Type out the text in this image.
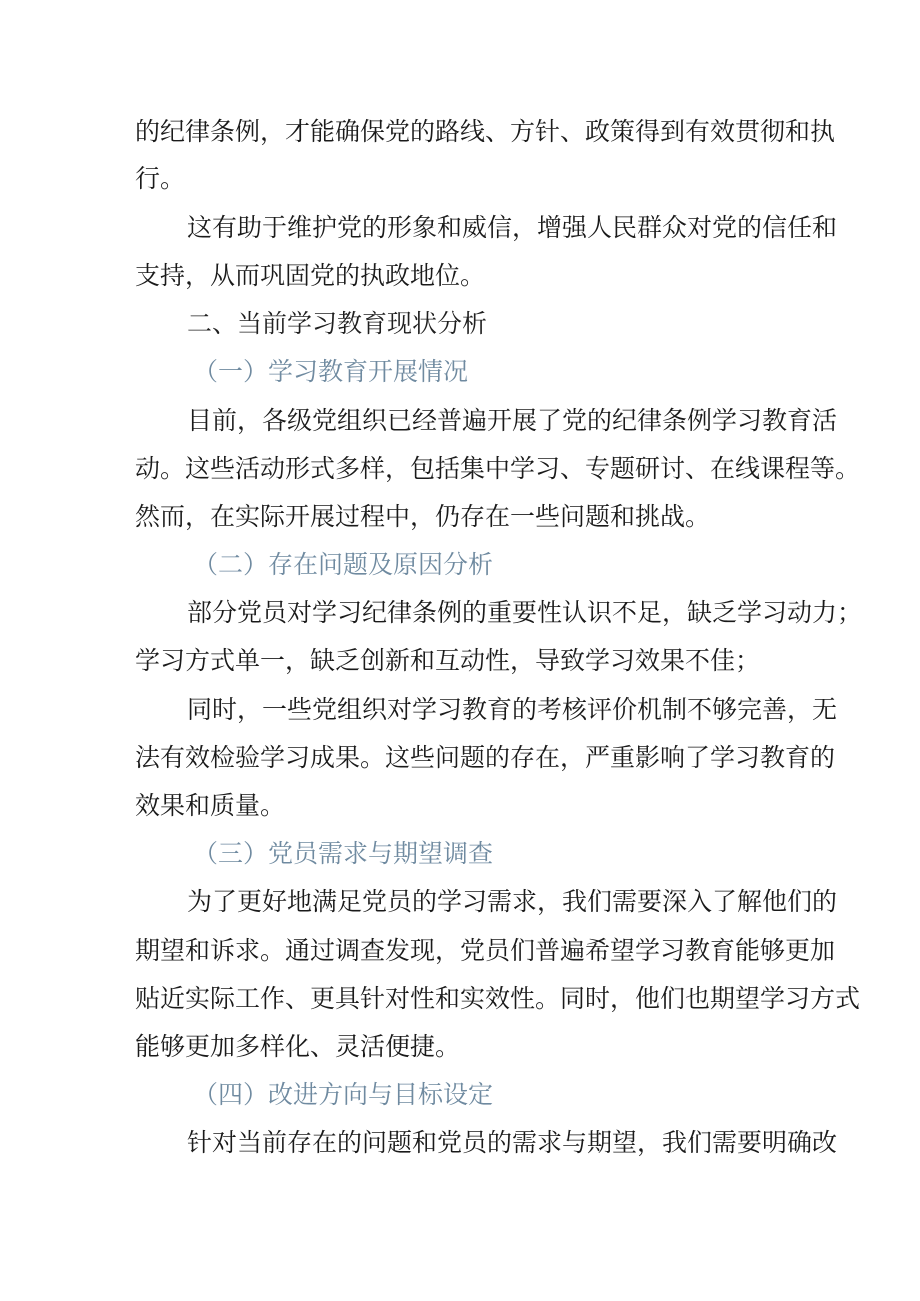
的纪律条例，才能确保党的路线、方针、政策得到有效贯彻和执
行。
这有助于维护党的形象和威信，增强人民群众对党的信任和
支持，从而巩固党的执政地位。
二、当前学习教育现状分析
（一）学习教育开展情况
目前，各级党组织已经普遍开展了党的纪律条例学习教育活
动。这些活动形式多样，包括集中学习、专题研讨、在线课程等。
然而，在实际开展过程中，仍存在一些问题和挑战。
（二）存在问题及原因分析
部分党员对学习纪律条例的重要性认识不足，缺乏学习动力；
学习方式单一，缺乏创新和互动性，导致学习效果不佳；
同时，一些党组织对学习教育的考核评价机制不够完善，无
法有效检验学习成果。这些问题的存在，严重影响了学习教育的
效果和质量。
（三）党员需求与期望调查
为了更好地满足党员的学习需求，我们需要深入了解他们的
期望和诉求。通过调查发现，党员们普遍希望学习教育能够更加
贴近实际工作、更具针对性和实效性。同时，他们也期望学习方式
能够更加多样化、灵活便捷。
（四）改进方向与目标设定
针对当前存在的问题和党员的需求与期望，我们需要明确改
